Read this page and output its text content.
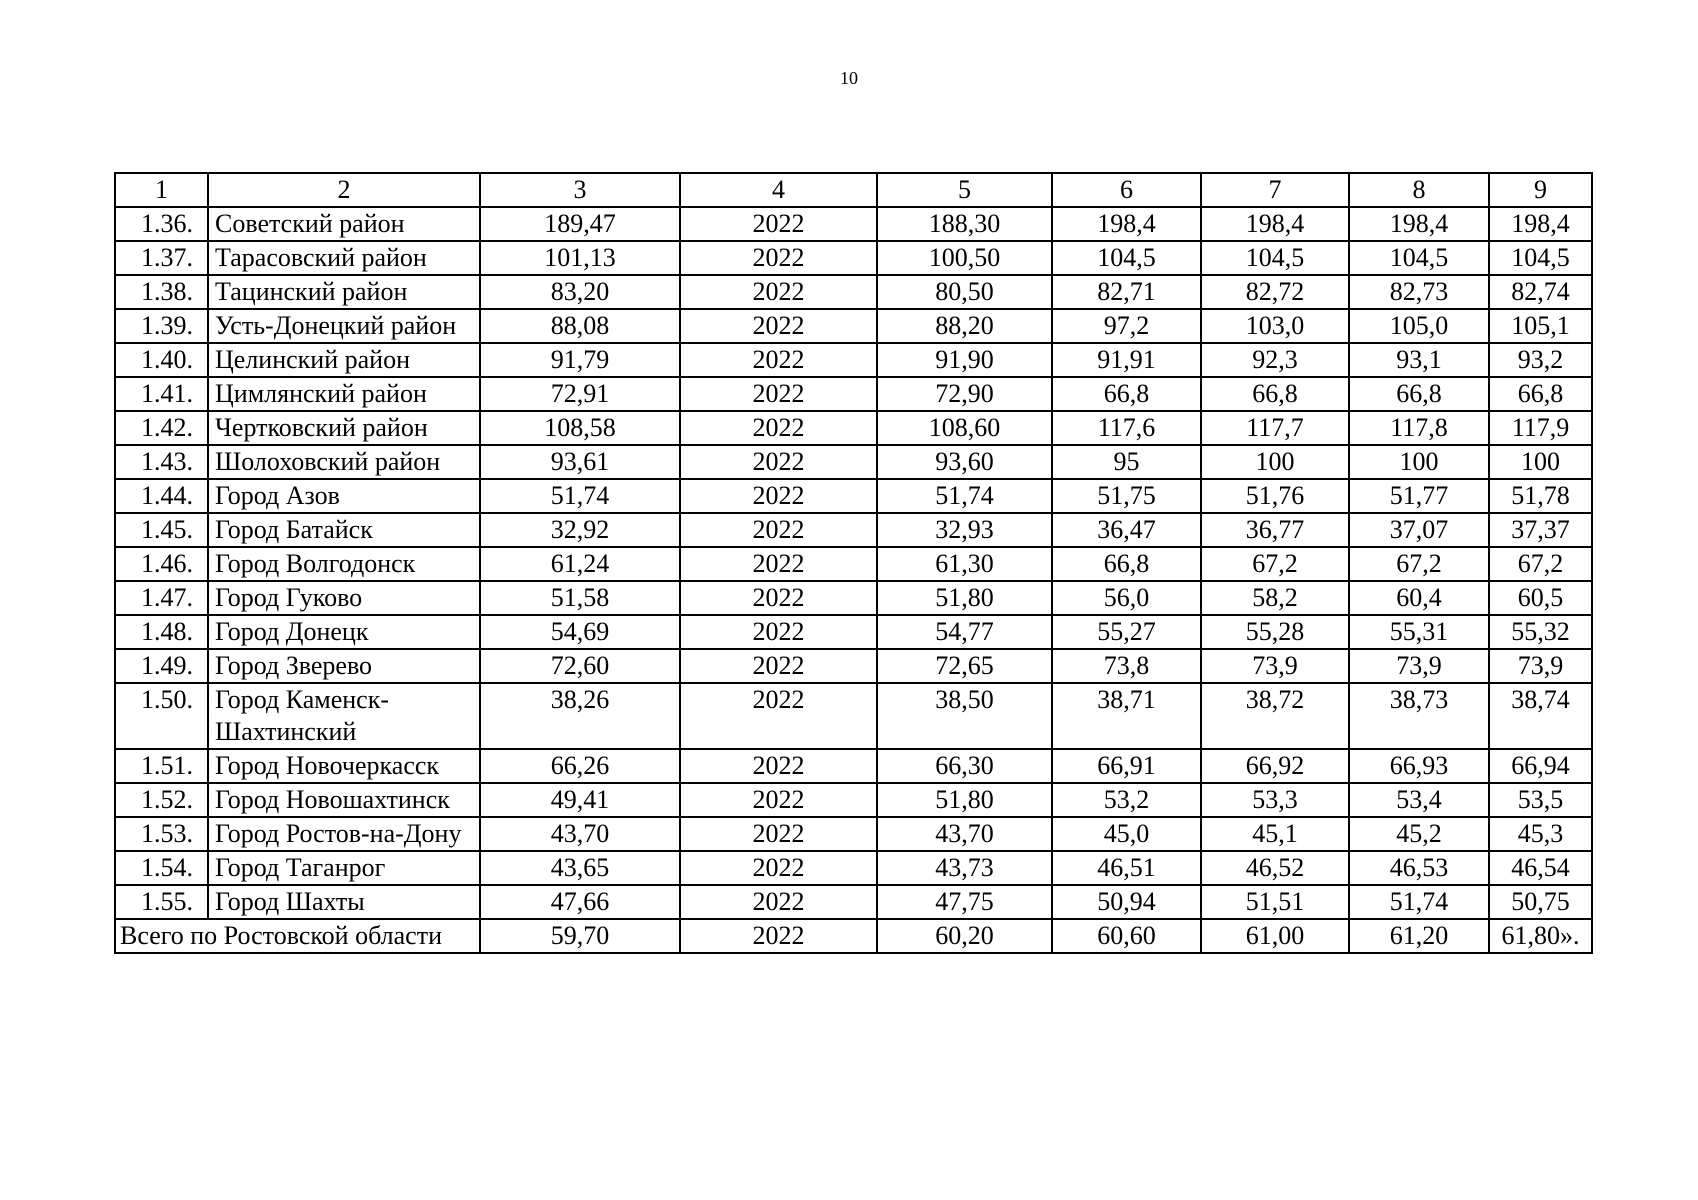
10
1	2	3	4	5	6	7	8	9
1.36.	Советский район	189,47	2022	188,30	198,4	198,4	198,4	198,4
1.37.	Тарасовский район	101,13	2022	100,50	104,5	104,5	104,5	104,5
1.38.	Тацинский район	83,20	2022	80,50	82,71	82,72	82,73	82,74
1.39.	Усть-Донецкий район	88,08	2022	88,20	97,2	103,0	105,0	105,1
1.40.	Целинский район	91,79	2022	91,90	91,91	92,3	93,1	93,2
1.41.	Цимлянский район	72,91	2022	72,90	66,8	66,8	66,8	66,8
1.42.	Чертковский район	108,58	2022	108,60	117,6	117,7	117,8	117,9
1.43.	Шолоховский район	93,61	2022	93,60	95	100	100	100
1.44.	Город Азов	51,74	2022	51,74	51,75	51,76	51,77	51,78
1.45.	Город Батайск	32,92	2022	32,93	36,47	36,77	37,07	37,37
1.46.	Город Волгодонск	61,24	2022	61,30	66,8	67,2	67,2	67,2
1.47.	Город Гуково	51,58	2022	51,80	56,0	58,2	60,4	60,5
1.48.	Город Донецк	54,69	2022	54,77	55,27	55,28	55,31	55,32
1.49.	Город Зверево	72,60	2022	72,65	73,8	73,9	73,9	73,9
1.50.	Город Каменск-Шахтинский	38,26	2022	38,50	38,71	38,72	38,73	38,74
1.51.	Город Новочеркасск	66,26	2022	66,30	66,91	66,92	66,93	66,94
1.52.	Город Новошахтинск	49,41	2022	51,80	53,2	53,3	53,4	53,5
1.53.	Город Ростов-на-Дону	43,70	2022	43,70	45,0	45,1	45,2	45,3
1.54.	Город Таганрог	43,65	2022	43,73	46,51	46,52	46,53	46,54
1.55.	Город Шахты	47,66	2022	47,75	50,94	51,51	51,74	50,75
Всего по Ростовской области		59,70	2022	60,20	60,60	61,00	61,20	61,80».
